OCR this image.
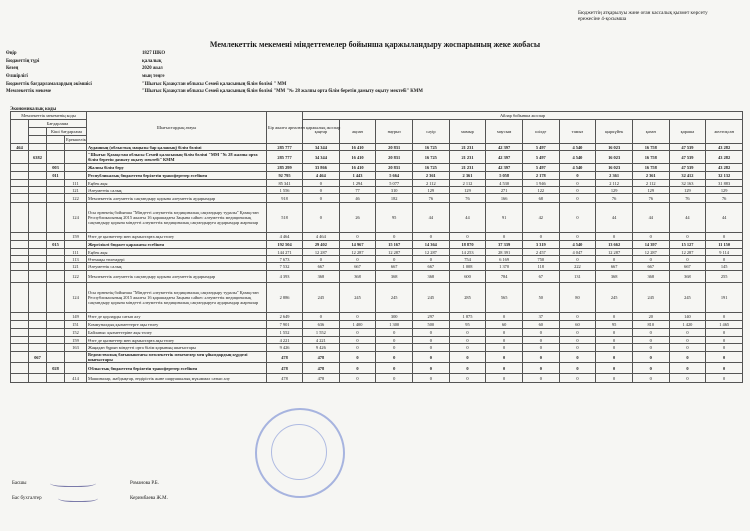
Бюджеттің атқарылуы және оған кассалық қызмет көрсету ережесіне 4-қосымша
Мемлекеттік мекемені міндеттемелер бойынша қаржыландыру жоспарының жеке жобасы
Өңір	1827 ШКО
Бюджеттің түрі	қалалық
Кезең	2020 жыл
Өлшірлігі	мың теңге
Бюджеттік бағдарламалардың әкімшісі	"Шығыс Қазақстан облысы Семей қаласының білім бөлімі " ММ
Мемлекеттік мекеме	"Шығыс Қазақстан облысы Семей қаласының білім бөлімі "ММ "№ 28 жалпы орта білім беретін дамыту оқыту мектебі" КММ
Экономикалық коды
Мемлекеттік мекеменің коды				Шығыстардың атауы	Бір жылға арналған қаржылық жоспар	Айлар бойынша жоспар											
	Бағдарлама					қаңтар	ақпан	наурыз	сәуір	мамыр	маусым	шілде	тамыз	қыркүйек	қазан	қараша	желтоқсан
		Кіші бағдарлама															
			Ерекшелік														
464				Ауданның (облыстық маңызы бар қаланың) білім бөлімі	285 777	34 344	16 410	20 831	16 725	21 231	42 397	5 497	4 540	16 023	16 758	47 539	43 282
	6382			"Шығыс Қазақстан облысы Семей қаласының білім бөлімі "ММ "№ 28 жалпы орта білім беретін дамыту оқыту мектебі" КММ	285 777	34 344	16 410	20 831	16 725	21 231	42 397	5 497	4 540	16 023	16 758	47 539	43 282
		003		Жалпы білім беру	285 299	33 866	16 410	20 831	16 725	21 231	42 397	5 497	4 540	16 023	16 758	47 539	43 282
		011		Республикалық бюджеттен берілетін трансферттер есебінен	92 795	4 464	1 443	5 664	2 361	2 361	5 058	2 178	0	2 361	2 361	32 412	32 132
			111	Еңбек ақы	85 341	0	1 294	5 077	2 112	2 112	4 530	1 946	0	2 112	2 112	32 163	31 883
			121	Әлеуметтік салық	1 556	0	77	310	129	129	271	122	0	129	129	129	129
			122	Мемлекеттік әлеуметтік сақтандыру қорына әлеуметтік аударымдар	918	0	46	182	76	76	166	68	0	76	76	76	76
			124	Осы өрнектің бойынша "Міндетті әлеуметтік медициналық сақтандыру туралы" Қазақстан Республикасының 2015 жылғы 16 қарашадағы Заңына сәйкес әлеуметтік медициналық сақтандыру қорына міндетті әлеуметтік медициналық сақтандыруға аударымдар жарналар	518	0	26	95	44	44	91	42	0	44	44	44	44
			159	Өзге де қызметтер мен жұмыстарға ақы төлеу	4 464	4 464	0	0	0	0	0	0	0	0	0	0	0
		015		Жергілікті бюджет қаражаты есебінен	192 504	29 402	14 967	15 167	14 364	18 870	37 339	3 319	4 540	13 662	14 397	15 127	11 150
			111	Еңбек ақы	144 271	12 287	12 287	12 287	12 287	14 253	28 391	2 457	4 047	12 287	12 287	12 287	9 114
			113	Өтемақы төлемдері	7 673	0	0	0	0	754	6 169	750	0	0	0	0	0
			121	Әлеуметтік салық	7 532	667	667	667	667	1 008	1 370	118	222	667	667	667	145
			122	Мемлекеттік әлеуметтік сақтандыру қорына әлеуметтік аударымдар	4 393	368	368	368	368	600	784	67	131	368	368	368	255
			124	Осы өрнектің бойынша "Міндетті әлеуметтік медициналық сақтандыру туралы" Қазақстан Республикасының 2015 жылғы 16 қарашадағы Заңына сәйкес әлеуметтік медициналық сақтандыру қорына міндетті әлеуметтік медициналық сақтандыруға аударымдар жарналар	2 886	245	245	245	245	285	565	50	80	245	245	245	191
			149	Өзге де қорларды сатып алу	2 649	0	0	300	297	1 875	0	37	0	0	20	140	0
			151	Коммуналдық қызметтерге ақы төлеу	7 901	636	1 400	1 300	500	95	60	60	60	95	810	1 420	1 465
			152	Байланыс қызметтеріне ақы төлеу	1 552	1 552	0	0	0	0	0	0	0	0	0	0	0
			159	Өзге де қызметтер мен жұмыстарға ақы төлеу	4 221	4 221	0	0	0	0	0	0	0	0	0	0	0
			163	Жаңадан бұрын міндетті орта білім қорының шығыстары	9 426	9 426	0	0	0	0	0	0	0	0	0	0	0
	067			Ведомстволық бағыныштағы мемлекеттік мекемелер мен ұйымдардың күрделі шығыстары	478	478	0	0	0	0	0	0	0	0	0	0	0
		028		Облыстық бюджеттен берілетін трансферттер есебінен	478	478	0	0	0	0	0	0	0	0	0	0	0
			414	Машиналар, жабдықтар, өндірістік және шаруашылық мүкәммал сатып алу	478	478	0	0	0	0	0	0	0	0	0	0	0
Басшы	Романова Р.Б.
Бас бухгалтер	Керимбаева Ж.М.
